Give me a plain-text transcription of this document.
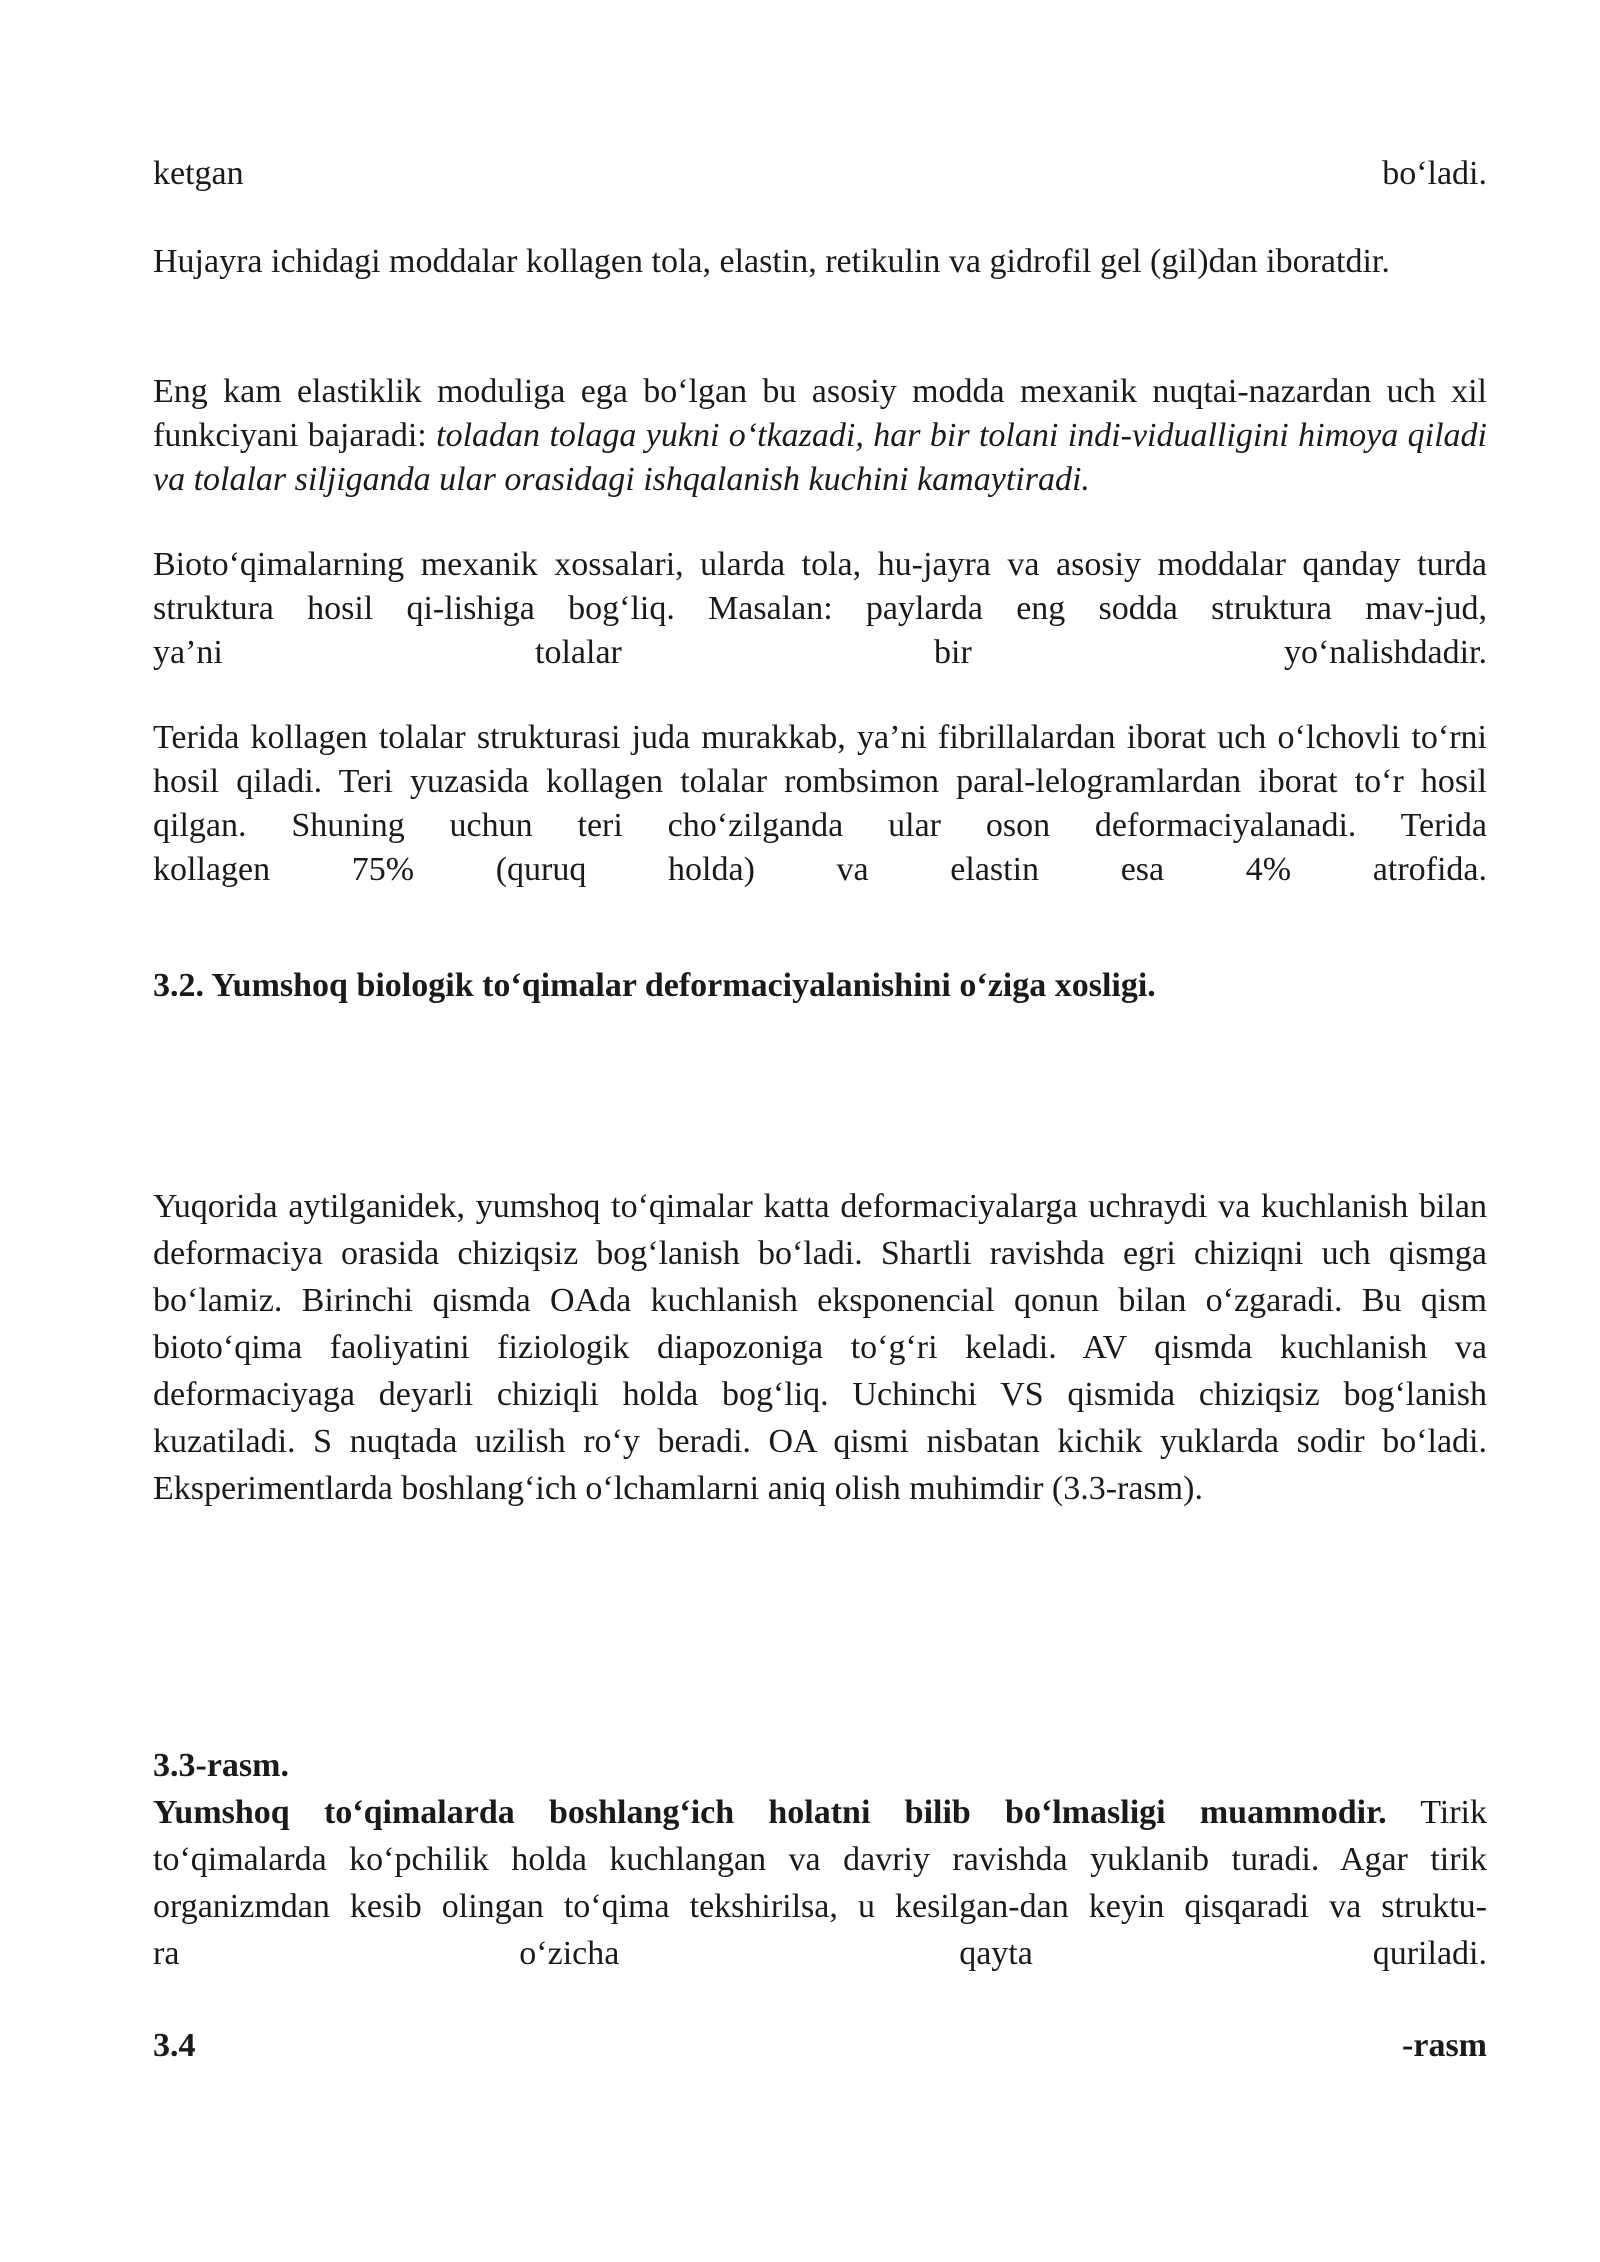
ketgan	bo‘ladi.

Hujayra ichidagi moddalar kollagen tola, elastin, retikulin va gidrofil gel (gil)dan iboratdir.

Eng kam elastiklik moduliga ega bo‘lgan bu asosiy modda mexanik nuqtai-nazardan uch xil funkciyani bajaradi: toladan tolaga yukni o‘tkazadi, har bir tolani indi-vidualligini himoya qiladi va tolalar siljiganda ular orasidagi ishqalanish kuchini kamaytiradi.

Bioto‘qimalarning mexanik xossalari, ularda tola, hu-jayra va asosiy moddalar qanday turda struktura hosil qi-lishiga bog‘liq. Masalan: paylarda eng sodda struktura mav-jud,

ya’ni	tolalar	bir	yo‘nalishdadir.

Terida kollagen tolalar strukturasi juda murakkab, ya’ni fibrillalardan iborat uch o‘lchovli to‘rni hosil qiladi. Teri yuzasida kollagen tolalar rombsimon paral-lelogramlardan iborat to‘r hosil qilgan. Shuning uchun teri cho‘zilganda ular oson deformaciyalanadi. Terida

kollagen 75% (quruq holda) va elastin esa 4% atrofida.

3.2. Yumshoq biologik to‘qimalar deformaciyalanishini o‘ziga xosligi.

Yuqorida aytilganidek, yumshoq to‘qimalar katta deformaciyalarga uchraydi va kuchlanish bilan deformaciya orasida chiziqsiz bog‘lanish bo‘ladi. Shartli ravishda egri chiziqni uch qismga bo‘lamiz. Birinchi qismda OAda kuchlanish eksponencial qonun bilan o‘zgaradi. Bu qism bioto‘qima faoliyatini fiziologik diapozoniga to‘g‘ri keladi. AV qismda kuchlanish va deformaciyaga deyarli chiziqli holda bog‘liq. Uchinchi VS qismida chiziqsiz bog‘lanish kuzatiladi. S nuqtada uzilish ro‘y beradi. OA qismi nisbatan kichik yuklarda sodir bo‘ladi. Eksperimentlarda boshlang‘ich o‘lchamlarni aniq olish muhimdir (3.3-rasm).

3.3-rasm.

Yumshoq to‘qimalarda boshlang‘ich holatni bilib bo‘lmasligi muammodir. Tirik to‘qimalarda ko‘pchilik holda kuchlangan va davriy ravishda yuklanib turadi. Agar tirik organizmdan kesib olingan to‘qima tekshirilsa, u kesilgan-dan keyin qisqaradi va struktu-

ra	o‘zicha	qayta	quriladi.
3.4	-rasm
